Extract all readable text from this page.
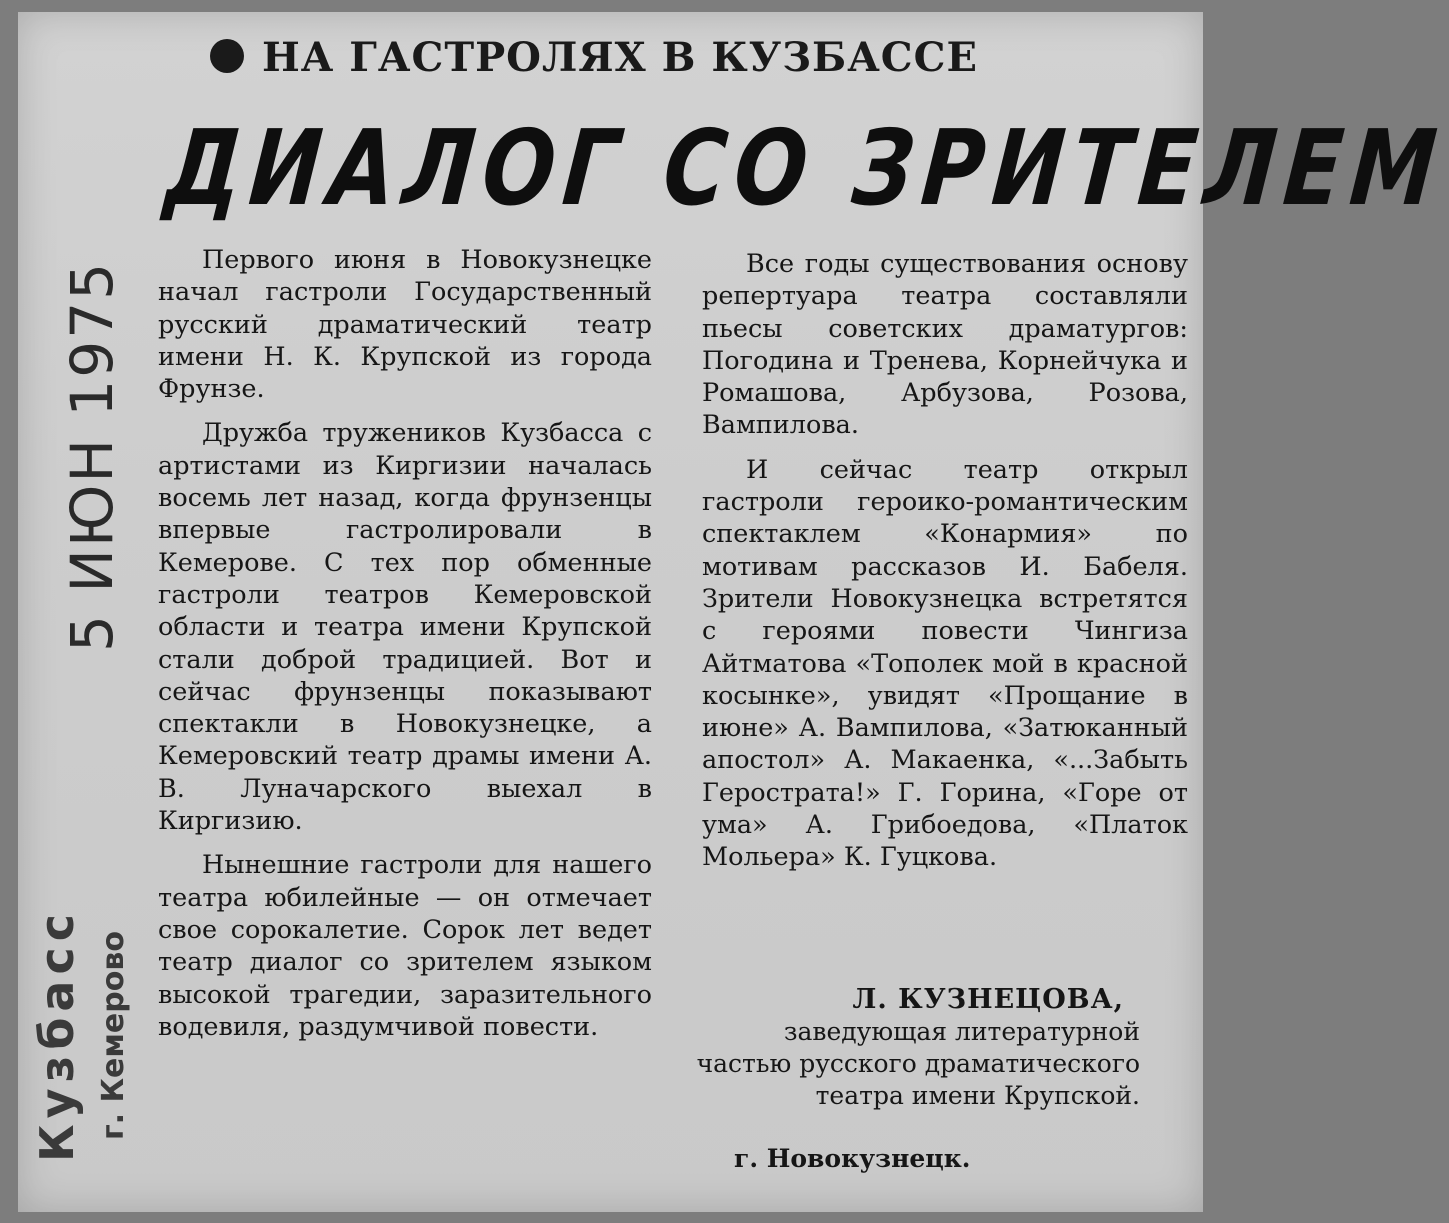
НА ГАСТРОЛЯХ В КУЗБАССЕ
ДИАЛОГ СО ЗРИТЕЛЕМ
5 ИЮН 1975
Кузбасс г. Кемерово

Первого июня в Новокузнецке начал гастроли Государственный русский драматический театр имени Н. К. Крупской из города Фрунзе.

Дружба тружеников Кузбасса с артистами из Киргизии началась восемь лет назад, когда фрунзенцы впервые гастролировали в Кемерове. С тех пор обменные гастроли театров Кемеровской области и театра имени Крупской стали доброй традицией. Вот и сейчас фрунзенцы показывают спектакли в Новокузнецке, а Кемеровский театр драмы имени А. В. Луначарского выехал в Киргизию.

Нынешние гастроли для нашего театра юбилейные — он отмечает свое сорокалетие. Сорок лет ведет театр диалог со зрителем языком высокой трагедии, заразительного водевиля, раздумчивой повести.

Все годы существования основу репертуара театра составляли пьесы советских драматургов: Погодина и Тренева, Корнейчука и Ромашова, Арбузова, Розова, Вампилова.

И сейчас театр открыл гастроли героико-романтическим спектаклем «Конармия» по мотивам рассказов И. Бабеля. Зрители Новокузнецка встретятся с героями повести Чингиза Айтматова «Тополек мой в красной косынке», увидят «Прощание в июне» А. Вампилова, «Затюканный апостол» А. Макаенка, «...Забыть Герострата!» Г. Горина, «Горе от ума» А. Грибоедова, «Платок Мольера» К. Гуцкова.

Л. КУЗНЕЦОВА,
заведующая литературной частью русского драматического театра имени Крупской.
г. Новокузнецк.
